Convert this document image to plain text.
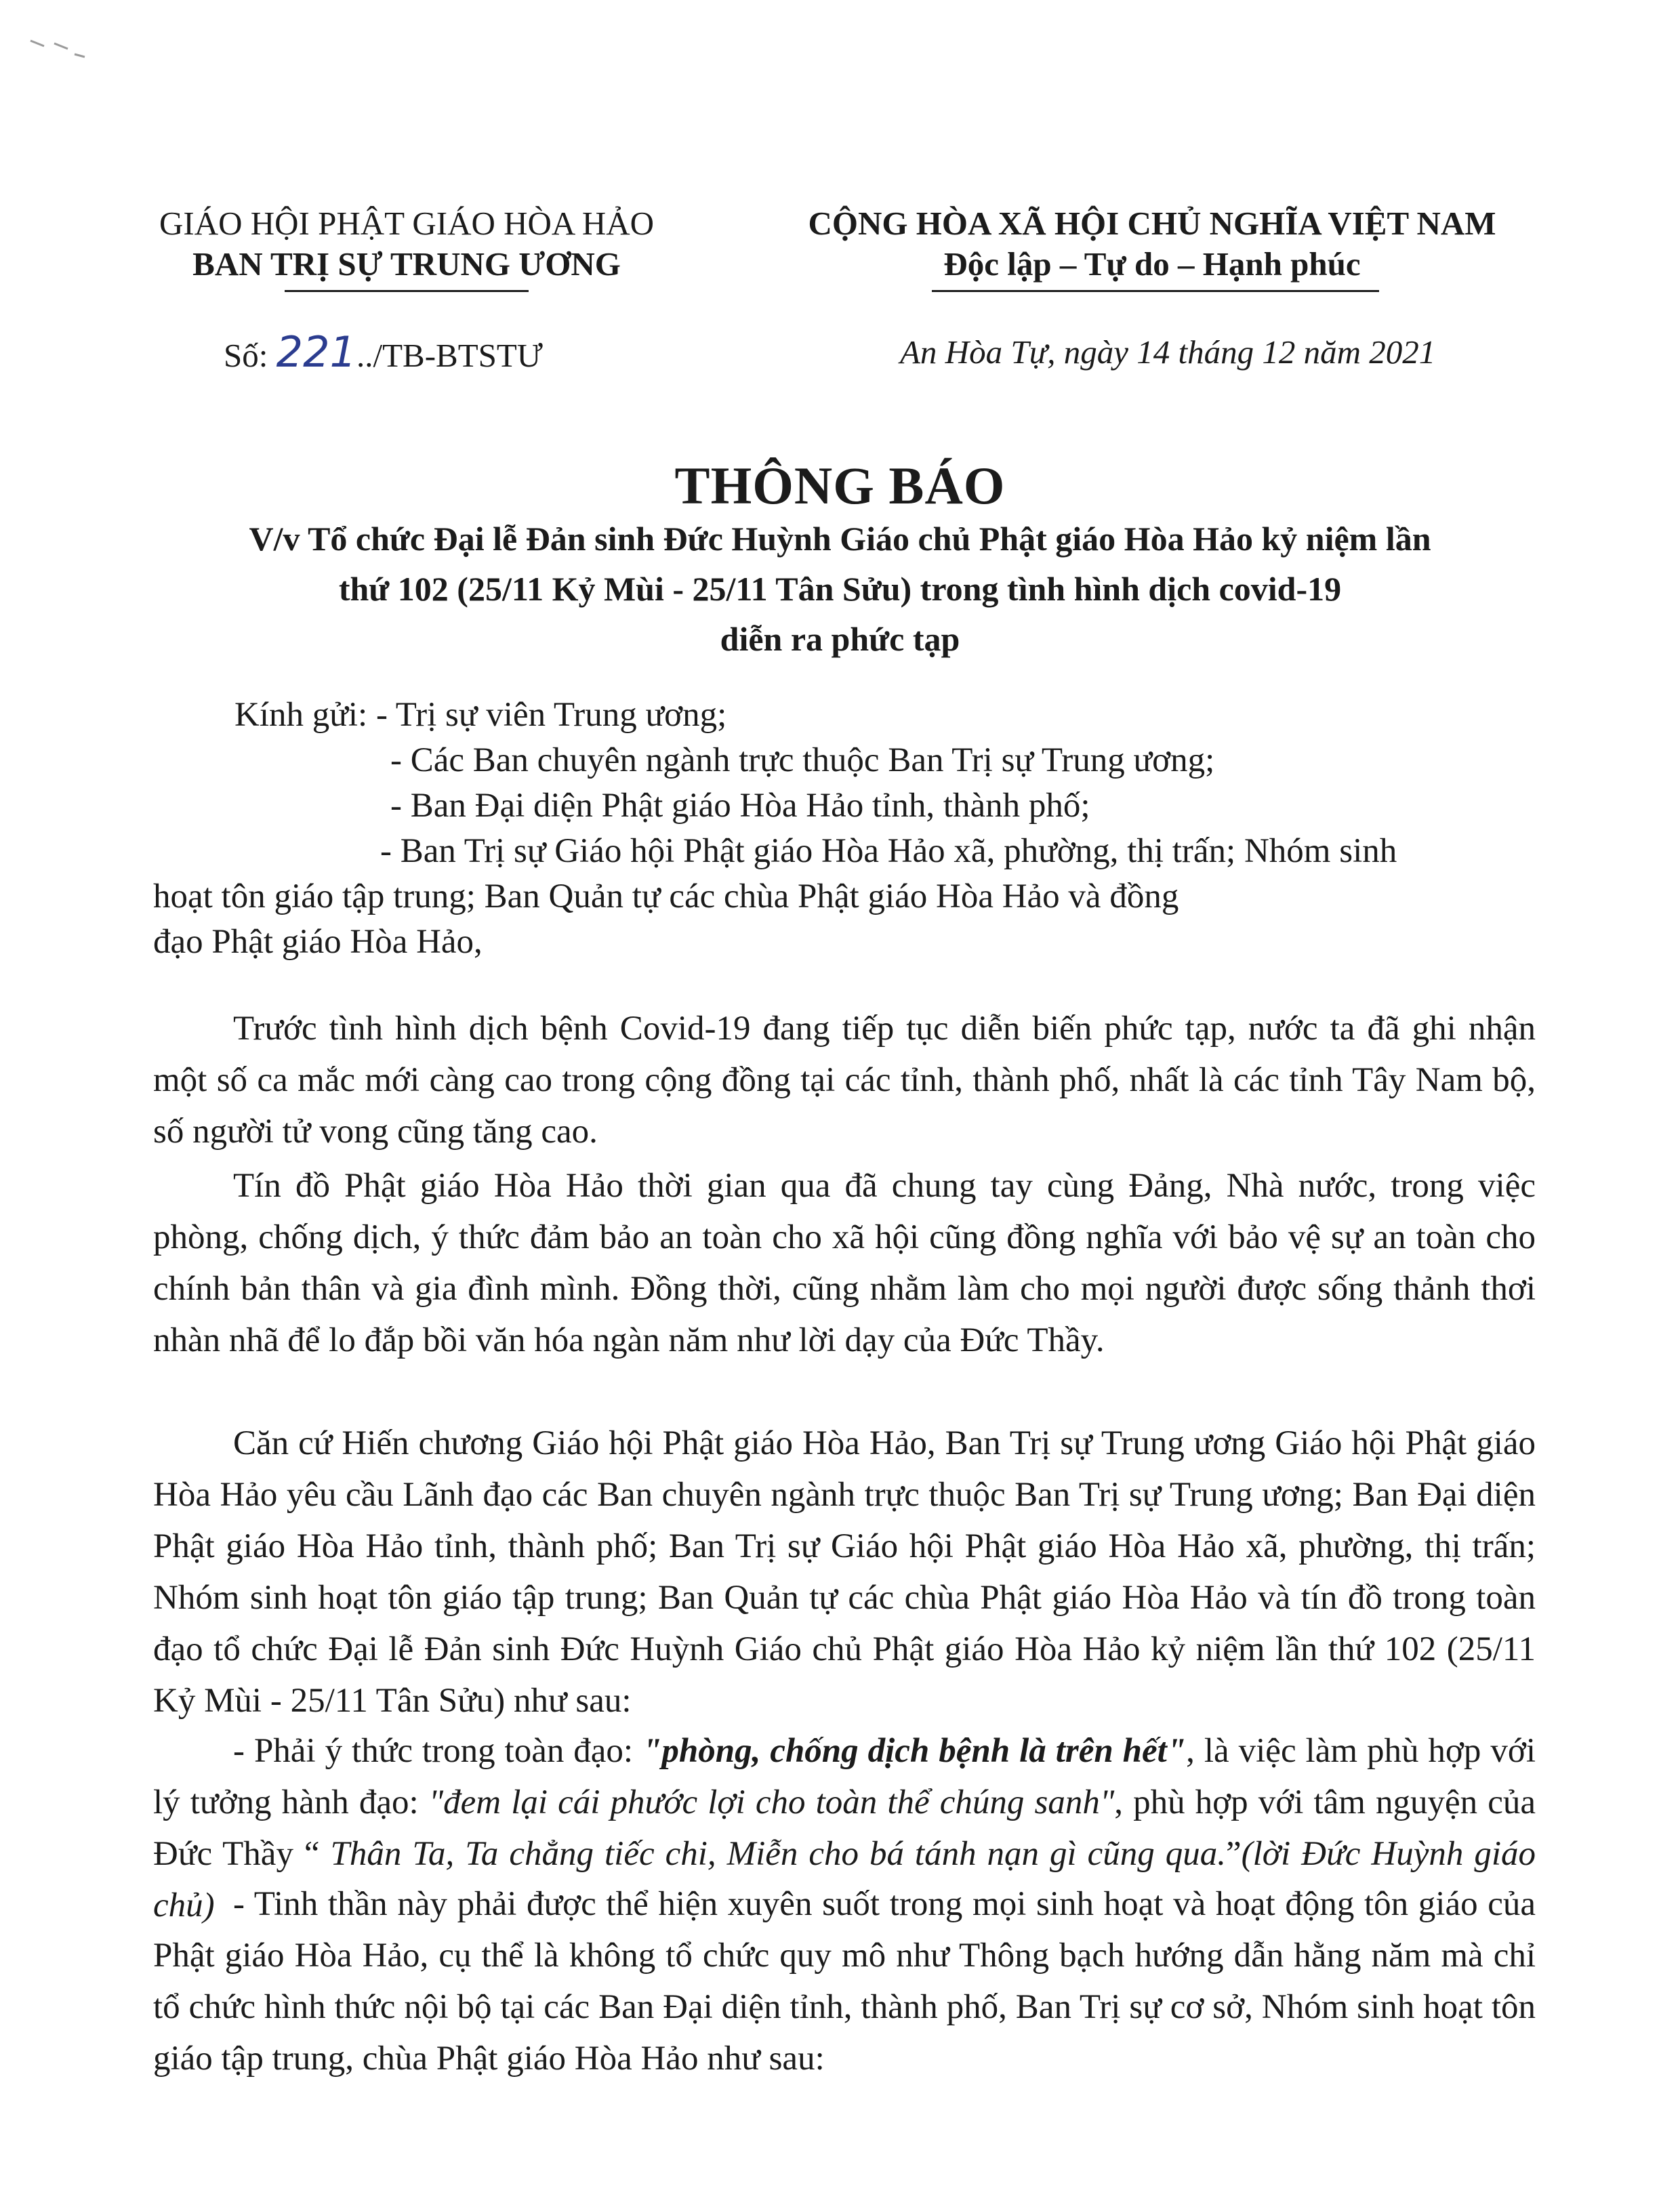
GIÁO HỘI PHẬT GIÁO HÒA HẢO
BAN TRỊ SỰ TRUNG ƯƠNG
Số: 221../TB-BTSTƯ
CỘNG HÒA XÃ HỘI CHỦ NGHĨA VIỆT NAM
Độc lập – Tự do – Hạnh phúc
An Hòa Tự, ngày 14 tháng 12 năm 2021
THÔNG BÁO
V/v Tổ chức Đại lễ Đản sinh Đức Huỳnh Giáo chủ Phật giáo Hòa Hảo kỷ niệm lần
thứ 102 (25/11 Kỷ Mùi - 25/11 Tân Sửu) trong tình hình dịch covid-19
diễn ra phức tạp
Kính gửi: - Trị sự viên Trung ương;
- Các Ban chuyên ngành trực thuộc Ban Trị sự Trung ương;
- Ban Đại diện Phật giáo Hòa Hảo tỉnh, thành phố;
- Ban Trị sự Giáo hội Phật giáo Hòa Hảo xã, phường, thị trấn; Nhóm sinh
hoạt tôn giáo tập trung; Ban Quản tự các chùa Phật giáo Hòa Hảo và đồng
đạo Phật giáo Hòa Hảo,
Trước tình hình dịch bệnh Covid-19 đang tiếp tục diễn biến phức tạp, nước ta đã ghi nhận một số ca mắc mới càng cao trong cộng đồng tại các tỉnh, thành phố, nhất là các tỉnh Tây Nam bộ, số người tử vong cũng tăng cao.
Tín đồ Phật giáo Hòa Hảo thời gian qua đã chung tay cùng Đảng, Nhà nước, trong việc phòng, chống dịch, ý thức đảm bảo an toàn cho xã hội cũng đồng nghĩa với bảo vệ sự an toàn cho chính bản thân và gia đình mình. Đồng thời, cũng nhằm làm cho mọi người được sống thảnh thơi nhàn nhã để lo đắp bồi văn hóa ngàn năm như lời dạy của Đức Thầy.
Căn cứ Hiến chương Giáo hội Phật giáo Hòa Hảo, Ban Trị sự Trung ương Giáo hội Phật giáo Hòa Hảo yêu cầu Lãnh đạo các Ban chuyên ngành trực thuộc Ban Trị sự Trung ương; Ban Đại diện Phật giáo Hòa Hảo tỉnh, thành phố; Ban Trị sự Giáo hội Phật giáo Hòa Hảo xã, phường, thị trấn; Nhóm sinh hoạt tôn giáo tập trung; Ban Quản tự các chùa Phật giáo Hòa Hảo và tín đồ trong toàn đạo tổ chức Đại lễ Đản sinh Đức Huỳnh Giáo chủ Phật giáo Hòa Hảo kỷ niệm lần thứ 102 (25/11 Kỷ Mùi - 25/11 Tân Sửu) như sau:
- Phải ý thức trong toàn đạo: "phòng, chống dịch bệnh là trên hết", là việc làm phù hợp với lý tưởng hành đạo: "đem lại cái phước lợi cho toàn thể chúng sanh", phù hợp với tâm nguyện của Đức Thầy “ Thân Ta, Ta chẳng tiếc chi, Miễn cho bá tánh nạn gì cũng qua.”(lời Đức Huỳnh giáo chủ) - Tinh thần này phải được thể hiện xuyên suốt trong mọi sinh hoạt và hoạt động tôn giáo của Phật giáo Hòa Hảo, cụ thể là không tổ chức quy mô như Thông bạch hướng dẫn hằng năm mà chỉ tổ chức hình thức nội bộ tại các Ban Đại diện tỉnh, thành phố, Ban Trị sự cơ sở, Nhóm sinh hoạt tôn giáo tập trung, chùa Phật giáo Hòa Hảo như sau:
